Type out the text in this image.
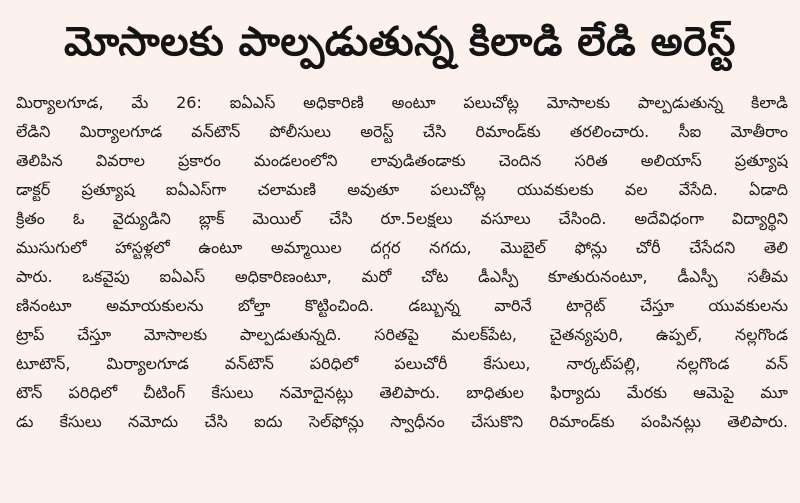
మోసాలకు పాల్పడుతున్న కిలాడి లేడి అరెస్ట్
మిర్యాలగూడ, మే 26: ఐఏఎస్ అధికారిణి అంటూ పలుచోట్ల మోసాలకు పాల్పడుతున్న కిలాడి
లేడిని మిర్యాలగూడ వన్‌టౌన్ పోలీసులు అరెస్ట్ చేసి రిమాండ్‌కు తరలించారు. సీఐ మోతీరాం
తెలిపిన వివరాల ప్రకారం మండలంలోని లావుడితండాకు చెందిన సరిత అలియాస్ ప్రత్యూష
డాక్టర్ ప్రత్యూష ఐఏఎస్‌గా చలామణి అవుతూ పలుచోట్ల యువకులకు వల వేసేది. ఏడాది
క్రితం ఓ వైద్యుడిని బ్లాక్ మెయిల్ చేసి రూ.5లక్షలు వసూలు చేసింది. అదేవిధంగా విద్యార్థిని
ముసుగులో హాస్టళ్లలో ఉంటూ అమ్మాయిల దగ్గర నగదు, మొబైల్ ఫోన్లు చోరీ చేసేదని తెలి
పారు. ఒకవైపు ఐఏఎస్ అధికారిణంటూ, మరో చోట డీఎస్పీ కూతురునంటూ, డీఎస్పీ సతీమ
ణినంటూ అమాయకులను బోల్తా కొట్టించింది. డబ్బున్న వారినే టార్గెట్ చేస్తూ యువకులను
ట్రాప్ చేస్తూ మోసాలకు పాల్పడుతున్నది. సరితపై మలక్‌పేట, చైతన్యపురి, ఉప్పల్, నల్లగొండ
టూటౌన్, మిర్యాలగూడ వన్‌టౌన్ పరిధిలో పలుచోరీ కేసులు, నార్కట్‌పల్లి, నల్లగొండ వన్
టౌన్ పరిధిలో చీటింగ్ కేసులు నమోదైనట్లు తెలిపారు. బాధితుల ఫిర్యాదు మేరకు ఆమెపై మూ
డు కేసులు నమోదు చేసి ఐదు సెల్‌ఫోన్లు స్వాధీనం చేసుకొని రిమాండ్‌కు పంపినట్లు తెలిపారు.
